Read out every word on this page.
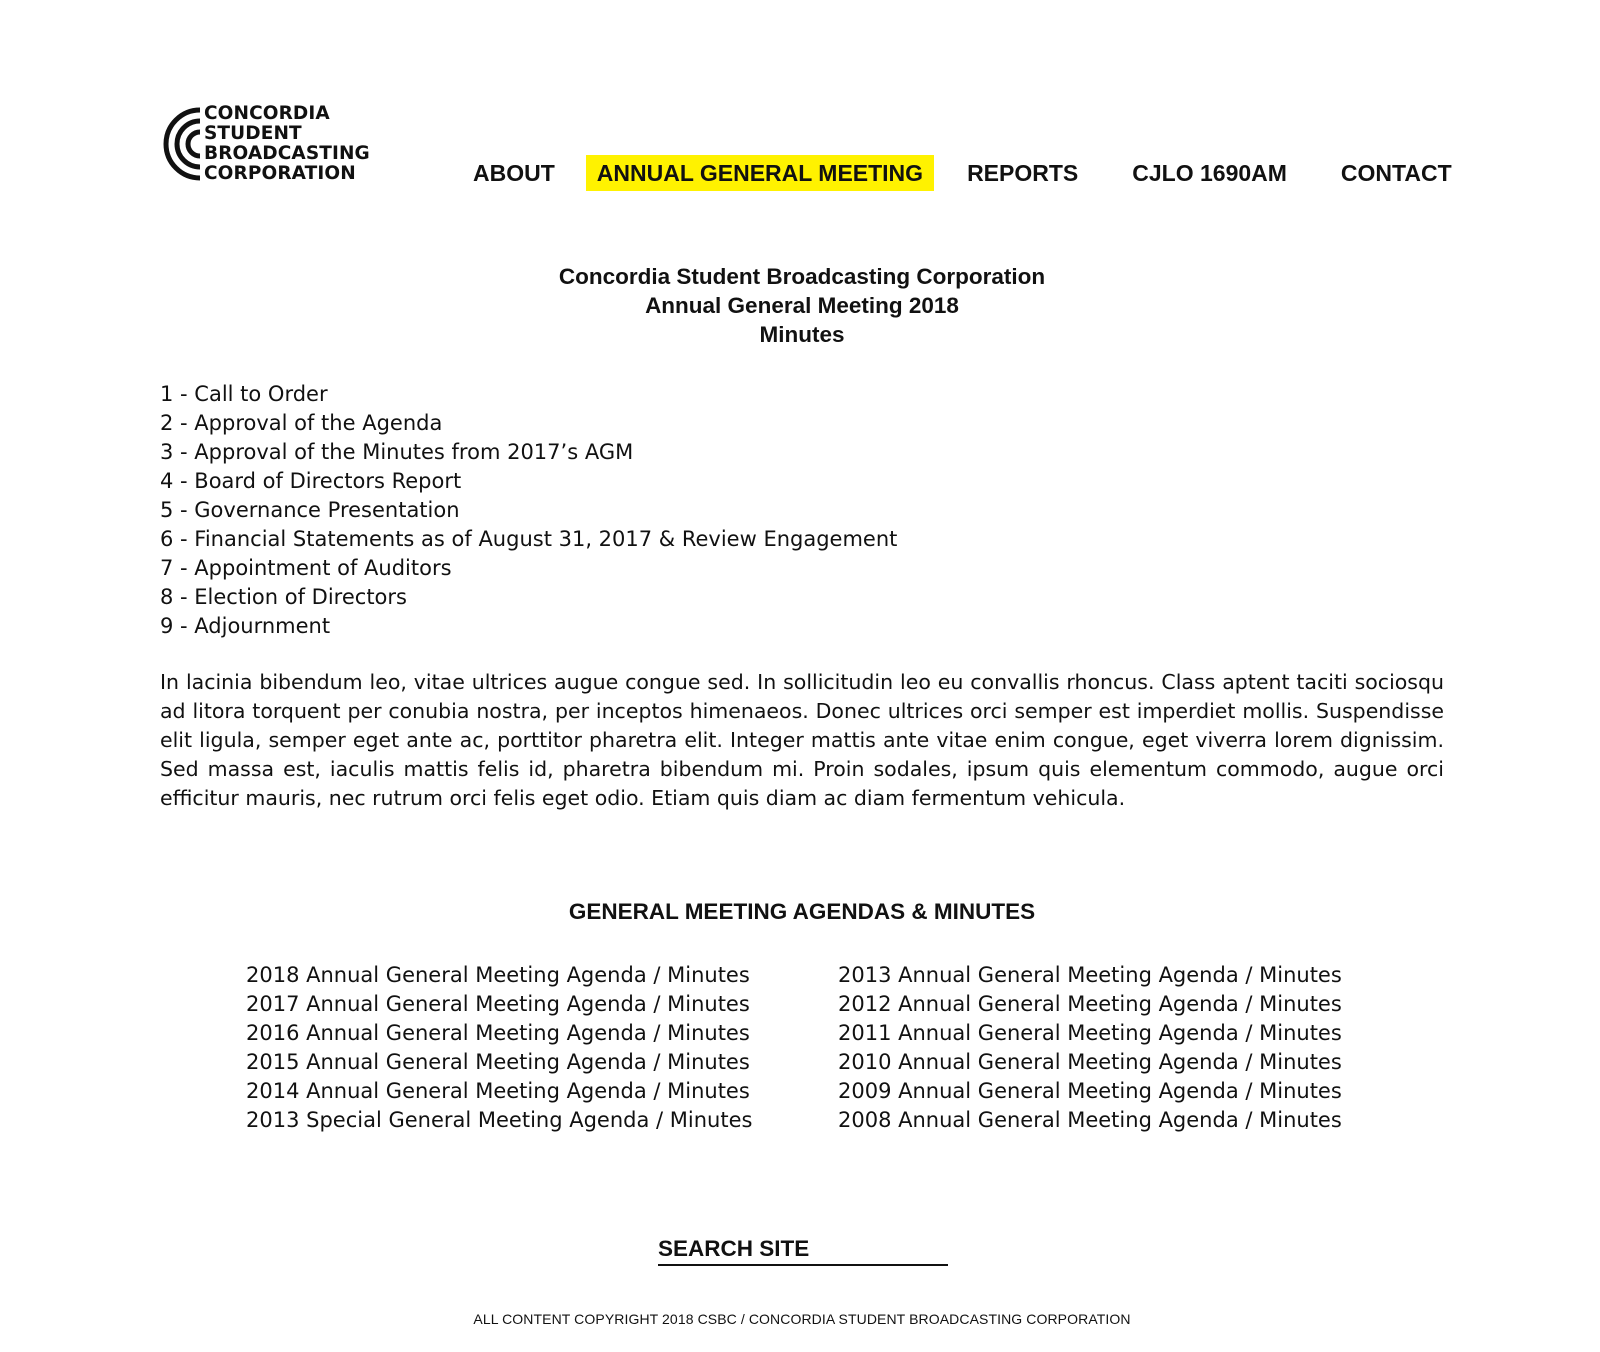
CONCORDIA
STUDENT
BROADCASTING
CORPORATION	ABOUT	ANNUAL GENERAL MEETING	REPORTS	CJLO 1690AM	CONTACT
Concordia Student Broadcasting Corporation
Annual General Meeting 2018
Minutes
1 - Call to Order
2 - Approval of the Agenda
3 - Approval of the Minutes from 2017’s AGM
4 - Board of Directors Report
5 - Governance Presentation
6 - Financial Statements as of August 31, 2017 & Review Engagement
7 - Appointment of Auditors
8 - Election of Directors
9 - Adjournment

In lacinia bibendum leo, vitae ultrices augue congue sed. In sollicitudin leo eu convallis rhoncus. Class aptent taciti sociosqu ad litora torquent per conubia nostra, per inceptos himenaeos. Donec ultrices orci semper est imperdiet mollis. Suspendisse elit ligula, semper eget ante ac, porttitor pharetra elit. Integer mattis ante vitae enim congue, eget viverra lorem dignissim. Sed massa est, iaculis mattis felis id, pharetra bibendum mi. Proin sodales, ipsum quis elementum commodo, augue orci efficitur mauris, nec rutrum orci felis eget odio. Etiam quis diam ac diam fermentum vehicula.

GENERAL MEETING AGENDAS & MINUTES
2018 Annual General Meeting Agenda / Minutes
2017 Annual General Meeting Agenda / Minutes
2016 Annual General Meeting Agenda / Minutes
2015 Annual General Meeting Agenda / Minutes
2014 Annual General Meeting Agenda / Minutes
2013 Special General Meeting Agenda / Minutes
2013 Annual General Meeting Agenda / Minutes
2012 Annual General Meeting Agenda / Minutes
2011 Annual General Meeting Agenda / Minutes
2010 Annual General Meeting Agenda / Minutes
2009 Annual General Meeting Agenda / Minutes
2008 Annual General Meeting Agenda / Minutes
SEARCH SITE
ALL CONTENT COPYRIGHT 2018 CSBC / CONCORDIA STUDENT BROADCASTING CORPORATION
